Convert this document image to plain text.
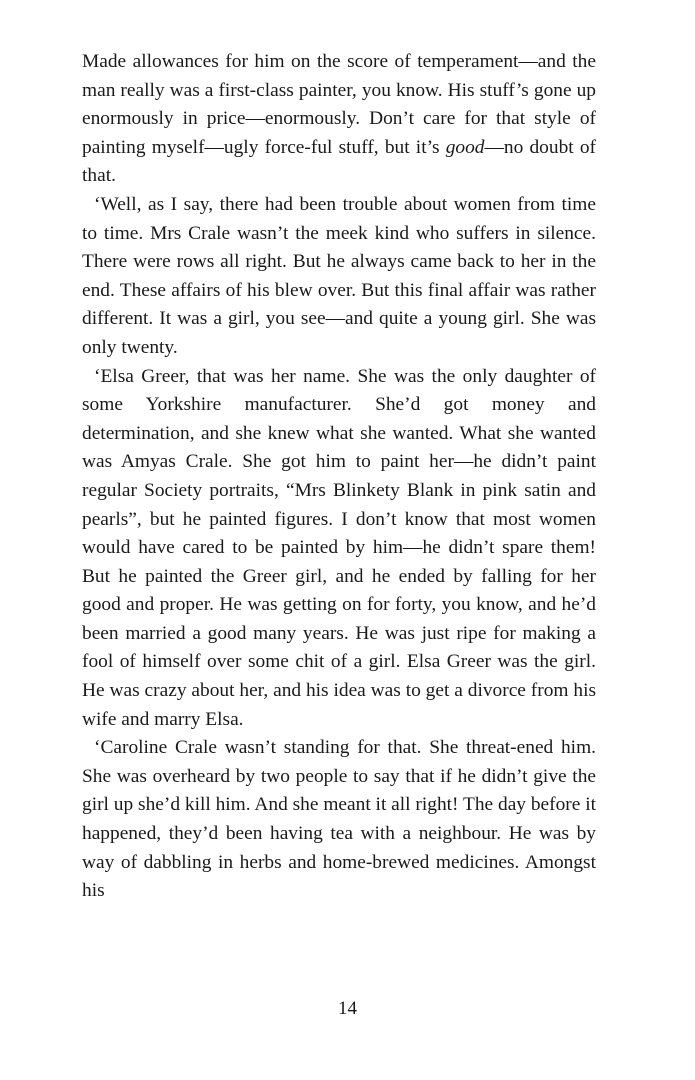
Made allowances for him on the score of temperament—and the man really was a first-class painter, you know. His stuff’s gone up enormously in price—enormously. Don’t care for that style of painting myself—ugly force-ful stuff, but it’s good—no doubt of that.

‘Well, as I say, there had been trouble about women from time to time. Mrs Crale wasn’t the meek kind who suffers in silence. There were rows all right. But he always came back to her in the end. These affairs of his blew over. But this final affair was rather different. It was a girl, you see—and quite a young girl. She was only twenty.

‘Elsa Greer, that was her name. She was the only daughter of some Yorkshire manufacturer. She’d got money and determination, and she knew what she wanted. What she wanted was Amyas Crale. She got him to paint her—he didn’t paint regular Society portraits, “Mrs Blinkety Blank in pink satin and pearls”, but he painted figures. I don’t know that most women would have cared to be painted by him—he didn’t spare them! But he painted the Greer girl, and he ended by falling for her good and proper. He was getting on for forty, you know, and he’d been married a good many years. He was just ripe for making a fool of himself over some chit of a girl. Elsa Greer was the girl. He was crazy about her, and his idea was to get a divorce from his wife and marry Elsa.

‘Caroline Crale wasn’t standing for that. She threat-ened him. She was overheard by two people to say that if he didn’t give the girl up she’d kill him. And she meant it all right! The day before it happened, they’d been having tea with a neighbour. He was by way of dabbling in herbs and home-brewed medicines. Amongst his

14
